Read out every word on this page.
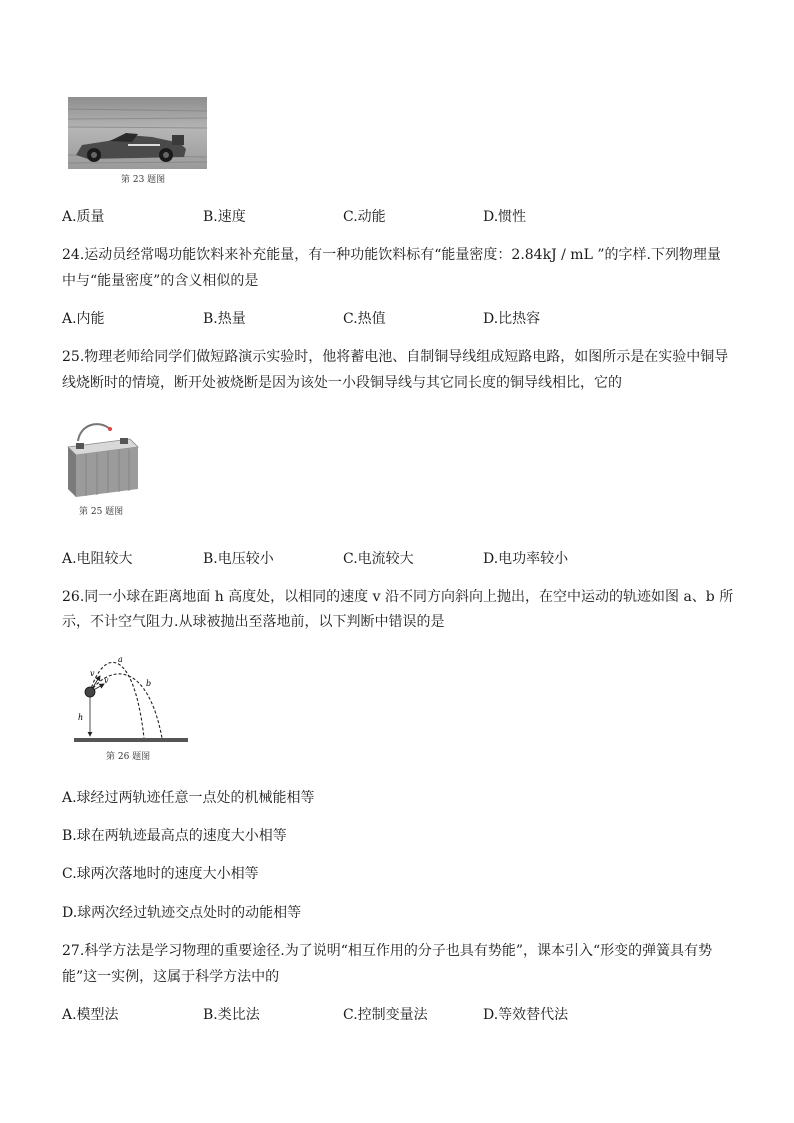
第 23 题图
A.质量	B.速度	C.动能	D.惯性
24.运动员经常喝功能饮料来补充能量，有一种功能饮料标有“能量密度：2.84kJ / mL ”的字样.下列物理量
中与“能量密度”的含义相似的是
A.内能	B.热量	C.热值	D.比热容
25.物理老师给同学们做短路演示实验时，他将蓄电池、自制铜导线组成短路电路，如图所示是在实验中铜导
线烧断时的情境，断开处被烧断是因为该处一小段铜导线与其它同长度的铜导线相比，它的
第 25 题图
A.电阻较大	B.电压较小	C.电流较大	D.电功率较小
26.同一小球在距离地面 h 高度处，以相同的速度 v 沿不同方向斜向上抛出，在空中运动的轨迹如图 a、b 所
示，不计空气阻力.从球被抛出至落地前，以下判断中错误的是
v
v
a
b
h
第 26 题图
A.球经过两轨迹任意一点处的机械能相等
B.球在两轨迹最高点的速度大小相等
C.球两次落地时的速度大小相等
D.球两次经过轨迹交点处时的动能相等
27.科学方法是学习物理的重要途径.为了说明“相互作用的分子也具有势能”，课本引入“形变的弹簧具有势
能”这一实例，这属于科学方法中的
A.模型法	B.类比法	C.控制变量法	D.等效替代法
